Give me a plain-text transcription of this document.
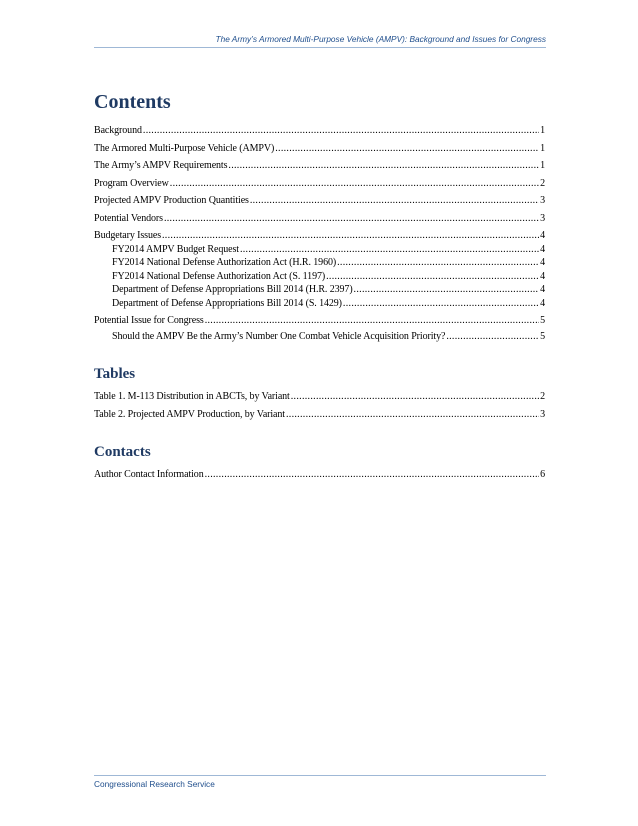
The Army’s Armored Multi-Purpose Vehicle (AMPV): Background and Issues for Congress
Contents
Background .....	1
The Armored Multi-Purpose Vehicle (AMPV) .....	1
The Army’s AMPV Requirements .....	1
Program Overview .....	2
Projected AMPV Production Quantities .....	3
Potential Vendors .....	3
Budgetary Issues .....	4
FY2014 AMPV Budget Request .....	4
FY2014 National Defense Authorization Act (H.R. 1960) .....	4
FY2014 National Defense Authorization Act (S. 1197) .....	4
Department of Defense Appropriations Bill 2014 (H.R. 2397) .....	4
Department of Defense Appropriations Bill 2014 (S. 1429) .....	4
Potential Issue for Congress .....	5
Should the AMPV Be the Army’s Number One Combat Vehicle Acquisition Priority? .....	5
Tables
Table 1. M-113 Distribution in ABCTs, by Variant .....	2
Table 2. Projected AMPV Production, by Variant .....	3
Contacts
Author Contact Information .....	6
Congressional Research Service
